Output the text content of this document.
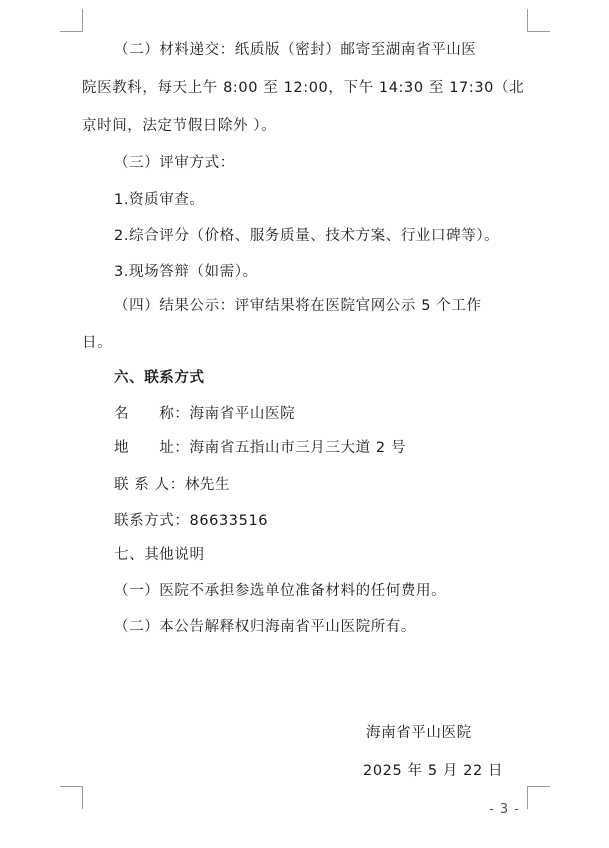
（二）材料递交：纸质版（密封）邮寄至湖南省平山医
院医教科，每天上午 8:00 至 12:00，下午 14:30 至 17:30（北
京时间，法定节假日除外 ）。
（三）评审方式：
1.资质审查。
2.综合评分（价格、服务质量、技术方案、行业口碑等）。
3.现场答辩（如需）。
（四）结果公示：评审结果将在医院官网公示 5 个工作
日。
六、联系方式
名　　称：海南省平山医院
地　　址：海南省五指山市三月三大道 2 号
联 系 人：林先生
联系方式：86633516
七、其他说明
（一）医院不承担参选单位准备材料的任何费用。
（二）本公告解释权归海南省平山医院所有。
海南省平山医院
2025 年 5 月 22 日
- 3 -
